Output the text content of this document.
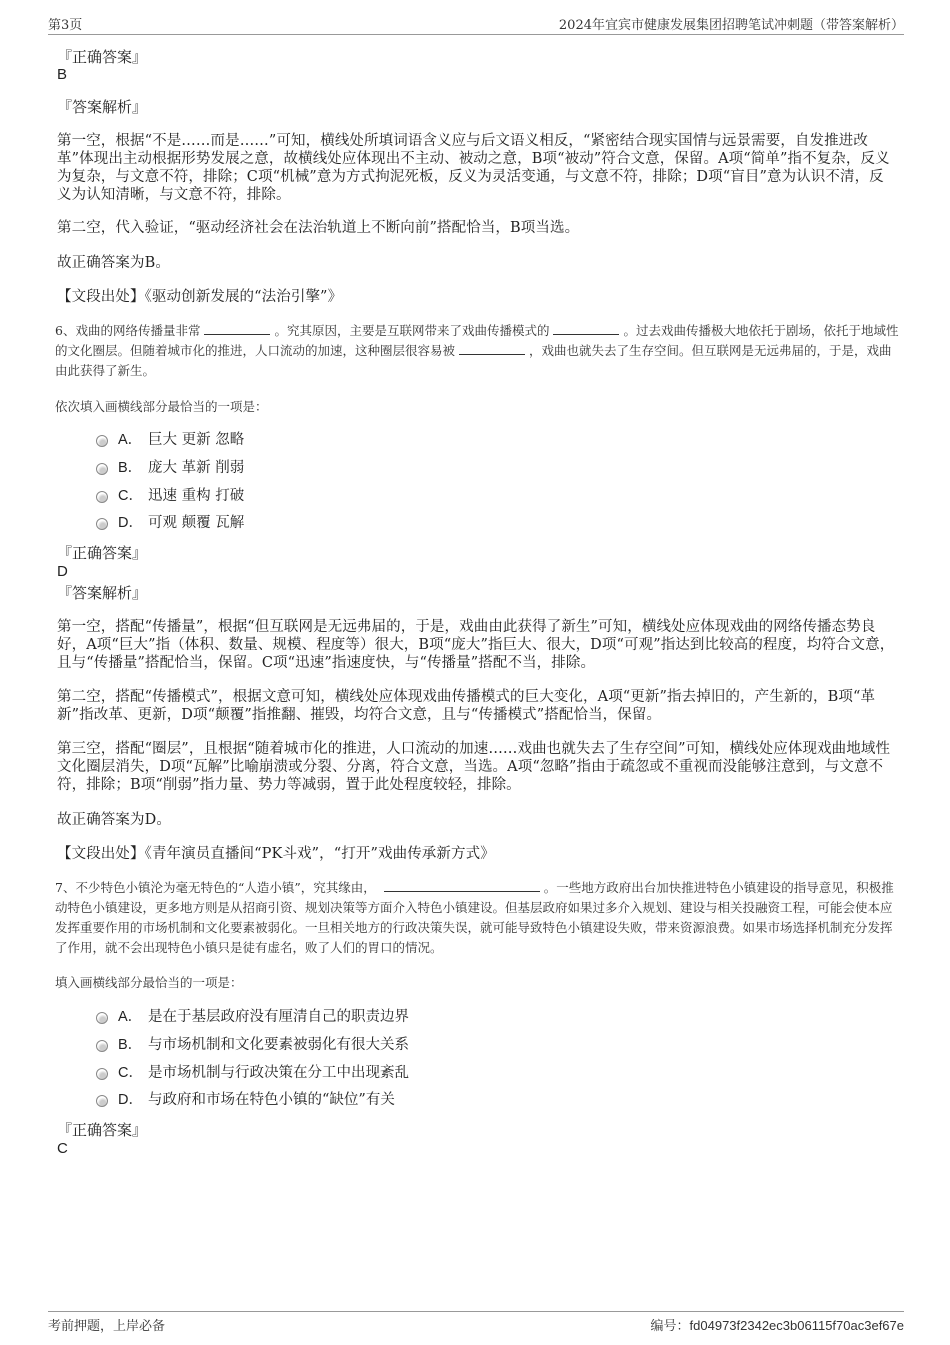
第3页	2024年宜宾市健康发展集团招聘笔试冲刺题（带答案解析）
『正确答案』
B
『答案解析』
第一空，根据“不是……而是……”可知，横线处所填词语含义应与后文语义相反，“紧密结合现实国情与远景需要，自发推进改革”体现出主动根据形势发展之意，故横线处应体现出不主动、被动之意，B项“被动”符合文意，保留。A项“简单”指不复杂，反义为复杂，与文意不符，排除；C项“机械”意为方式拘泥死板，反义为灵活变通，与文意不符，排除；D项“盲目”意为认识不清，反义为认知清晰，与文意不符，排除。
第二空，代入验证，“驱动经济社会在法治轨道上不断向前”搭配恰当，B项当选。
故正确答案为B。
【文段出处】《驱动创新发展的“法治引擎”》
6、戏曲的网络传播量非常	。究其原因，主要是互联网带来了戏曲传播模式的	。过去戏曲传播极大地依托于剧场，依托于地域性的文化圈层。但随着城市化的推进，人口流动的加速，这种圈层很容易被	，戏曲也就失去了生存空间。但互联网是无远弗届的，于是，戏曲由此获得了新生。
依次填入画横线部分最恰当的一项是：
A． 巨大 更新 忽略
B． 庞大 革新 削弱
C． 迅速 重构 打破
D． 可观 颠覆 瓦解
『正确答案』
D
『答案解析』
第一空，搭配“传播量”，根据“但互联网是无远弗届的，于是，戏曲由此获得了新生”可知，横线处应体现戏曲的网络传播态势良好，A项“巨大”指（体积、数量、规模、程度等）很大，B项“庞大”指巨大、很大，D项“可观”指达到比较高的程度，均符合文意，且与“传播量”搭配恰当，保留。C项“迅速”指速度快，与“传播量”搭配不当，排除。
第二空，搭配“传播模式”，根据文意可知，横线处应体现戏曲传播模式的巨大变化，A项“更新”指去掉旧的，产生新的，B项“革新”指改革、更新，D项“颠覆”指推翻、摧毁，均符合文意，且与“传播模式”搭配恰当，保留。
第三空，搭配“圈层”，且根据“随着城市化的推进，人口流动的加速……戏曲也就失去了生存空间”可知，横线处应体现戏曲地域性文化圈层消失，D项“瓦解”比喻崩溃或分裂、分离，符合文意，当选。A项“忽略”指由于疏忽或不重视而没能够注意到，与文意不符，排除；B项“削弱”指力量、势力等减弱，置于此处程度较轻，排除。
故正确答案为D。
【文段出处】《青年演员直播间“PK斗戏”，“打开”戏曲传承新方式》
7、不少特色小镇沦为毫无特色的“人造小镇”，究其缘由，	。一些地方政府出台加快推进特色小镇建设的指导意见，积极推动特色小镇建设，更多地方则是从招商引资、规划决策等方面介入特色小镇建设。但基层政府如果过多介入规划、建设与相关投融资工程，可能会使本应发挥重要作用的市场机制和文化要素被弱化。一旦相关地方的行政决策失误，就可能导致特色小镇建设失败，带来资源浪费。如果市场选择机制充分发挥了作用，就不会出现特色小镇只是徒有虚名，败了人们的胃口的情况。
填入画横线部分最恰当的一项是：
A． 是在于基层政府没有厘清自己的职责边界
B． 与市场机制和文化要素被弱化有很大关系
C． 是市场机制与行政决策在分工中出现紊乱
D． 与政府和市场在特色小镇的“缺位”有关
『正确答案』
C
考前押题，上岸必备	编号：fd04973f2342ec3b06115f70ac3ef67e
